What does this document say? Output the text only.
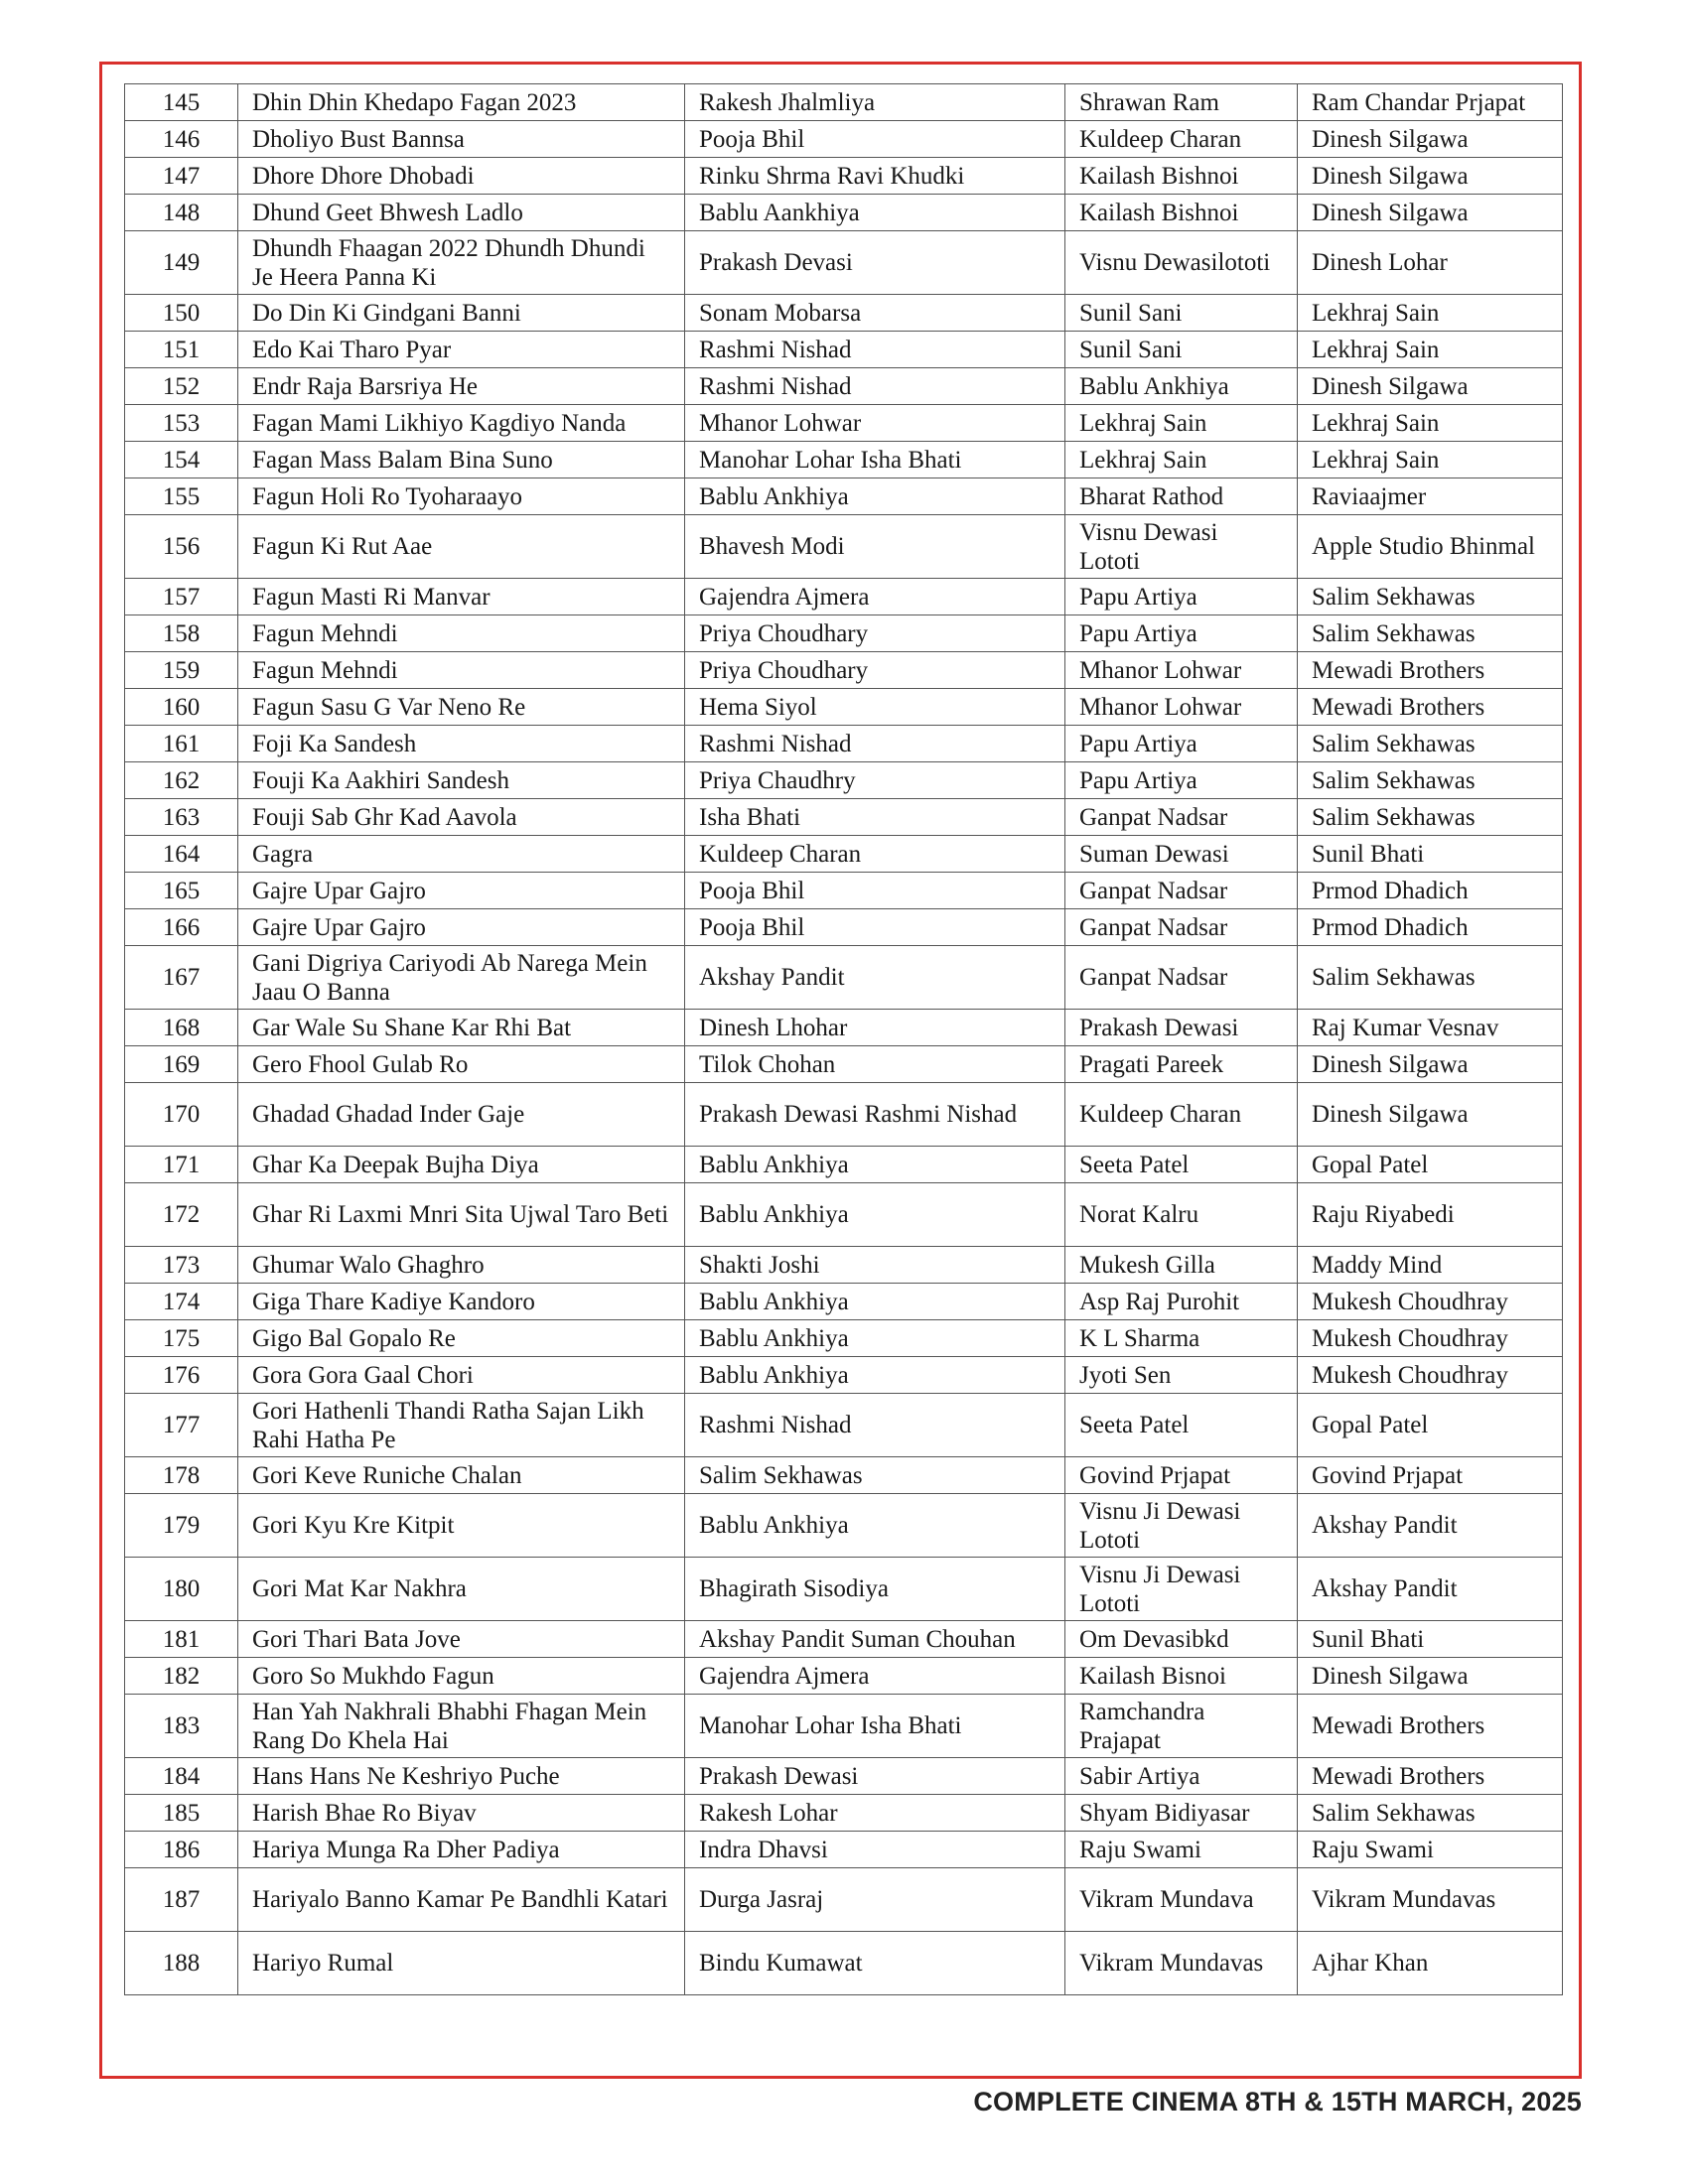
145	Dhin Dhin Khedapo Fagan 2023	Rakesh Jhalmliya	Shrawan Ram	Ram Chandar Prjapat
146	Dholiyo Bust Bannsa	Pooja Bhil	Kuldeep Charan	Dinesh Silgawa
147	Dhore Dhore Dhobadi	Rinku Shrma Ravi Khudki	Kailash Bishnoi	Dinesh Silgawa
148	Dhund Geet Bhwesh Ladlo	Bablu Aankhiya	Kailash Bishnoi	Dinesh Silgawa
149	Dhundh Fhaagan 2022 Dhundh Dhundi Je Heera Panna Ki	Prakash Devasi	Visnu Dewasilototi	Dinesh Lohar
150	Do Din Ki Gindgani Banni	Sonam Mobarsa	Sunil Sani	Lekhraj Sain
151	Edo Kai Tharo Pyar	Rashmi Nishad	Sunil Sani	Lekhraj Sain
152	Endr Raja Barsriya He	Rashmi Nishad	Bablu Ankhiya	Dinesh Silgawa
153	Fagan Mami Likhiyo Kagdiyo Nanda	Mhanor Lohwar	Lekhraj Sain	Lekhraj Sain
154	Fagan Mass Balam Bina Suno	Manohar Lohar Isha Bhati	Lekhraj Sain	Lekhraj Sain
155	Fagun Holi Ro Tyoharaayo	Bablu Ankhiya	Bharat Rathod	Raviaajmer
156	Fagun Ki Rut Aae	Bhavesh Modi	Visnu Dewasi Lototi	Apple Studio Bhinmal
157	Fagun Masti Ri Manvar	Gajendra Ajmera	Papu Artiya	Salim Sekhawas
158	Fagun Mehndi	Priya Choudhary	Papu Artiya	Salim Sekhawas
159	Fagun Mehndi	Priya Choudhary	Mhanor Lohwar	Mewadi Brothers
160	Fagun Sasu G Var Neno Re	Hema Siyol	Mhanor Lohwar	Mewadi Brothers
161	Foji Ka Sandesh	Rashmi Nishad	Papu Artiya	Salim Sekhawas
162	Fouji Ka Aakhiri Sandesh	Priya Chaudhry	Papu Artiya	Salim Sekhawas
163	Fouji Sab Ghr Kad Aavola	Isha Bhati	Ganpat Nadsar	Salim Sekhawas
164	Gagra	Kuldeep Charan	Suman Dewasi	Sunil Bhati
165	Gajre Upar Gajro	Pooja Bhil	Ganpat Nadsar	Prmod Dhadich
166	Gajre Upar Gajro	Pooja Bhil	Ganpat Nadsar	Prmod Dhadich
167	Gani Digriya Cariyodi Ab Narega Mein Jaau O Banna	Akshay Pandit	Ganpat Nadsar	Salim Sekhawas
168	Gar Wale Su Shane Kar Rhi Bat	Dinesh Lhohar	Prakash Dewasi	Raj Kumar Vesnav
169	Gero Fhool Gulab Ro	Tilok Chohan	Pragati Pareek	Dinesh Silgawa
170	Ghadad Ghadad Inder Gaje	Prakash Dewasi Rashmi Nishad	Kuldeep Charan	Dinesh Silgawa
171	Ghar Ka Deepak Bujha Diya	Bablu Ankhiya	Seeta Patel	Gopal Patel
172	Ghar Ri Laxmi Mnri Sita Ujwal Taro Beti	Bablu Ankhiya	Norat Kalru	Raju Riyabedi
173	Ghumar Walo Ghaghro	Shakti Joshi	Mukesh Gilla	Maddy Mind
174	Giga Thare Kadiye Kandoro	Bablu Ankhiya	Asp Raj Purohit	Mukesh Choudhray
175	Gigo Bal Gopalo Re	Bablu Ankhiya	K L Sharma	Mukesh Choudhray
176	Gora Gora Gaal Chori	Bablu Ankhiya	Jyoti Sen	Mukesh Choudhray
177	Gori Hathenli Thandi Ratha Sajan Likh Rahi Hatha Pe	Rashmi Nishad	Seeta Patel	Gopal Patel
178	Gori Keve Runiche Chalan	Salim Sekhawas	Govind Prjapat	Govind Prjapat
179	Gori Kyu Kre Kitpit	Bablu Ankhiya	Visnu Ji Dewasi Lototi	Akshay Pandit
180	Gori Mat Kar Nakhra	Bhagirath Sisodiya	Visnu Ji Dewasi Lototi	Akshay Pandit
181	Gori Thari Bata Jove	Akshay Pandit Suman Chouhan	Om Devasibkd	Sunil Bhati
182	Goro So Mukhdo Fagun	Gajendra Ajmera	Kailash Bisnoi	Dinesh Silgawa
183	Han Yah Nakhrali Bhabhi Fhagan Mein Rang Do Khela Hai	Manohar Lohar Isha Bhati	Ramchandra Prajapat	Mewadi Brothers
184	Hans Hans Ne Keshriyo Puche	Prakash Dewasi	Sabir Artiya	Mewadi Brothers
185	Harish Bhae Ro Biyav	Rakesh Lohar	Shyam Bidiyasar	Salim Sekhawas
186	Hariya Munga Ra Dher Padiya	Indra Dhavsi	Raju Swami	Raju Swami
187	Hariyalo Banno Kamar Pe Bandhli Katari	Durga Jasraj	Vikram Mundava	Vikram Mundavas
188	Hariyo Rumal	Bindu Kumawat	Vikram Mundavas	Ajhar Khan
COMPLETE CINEMA 8TH & 15TH MARCH, 2025
